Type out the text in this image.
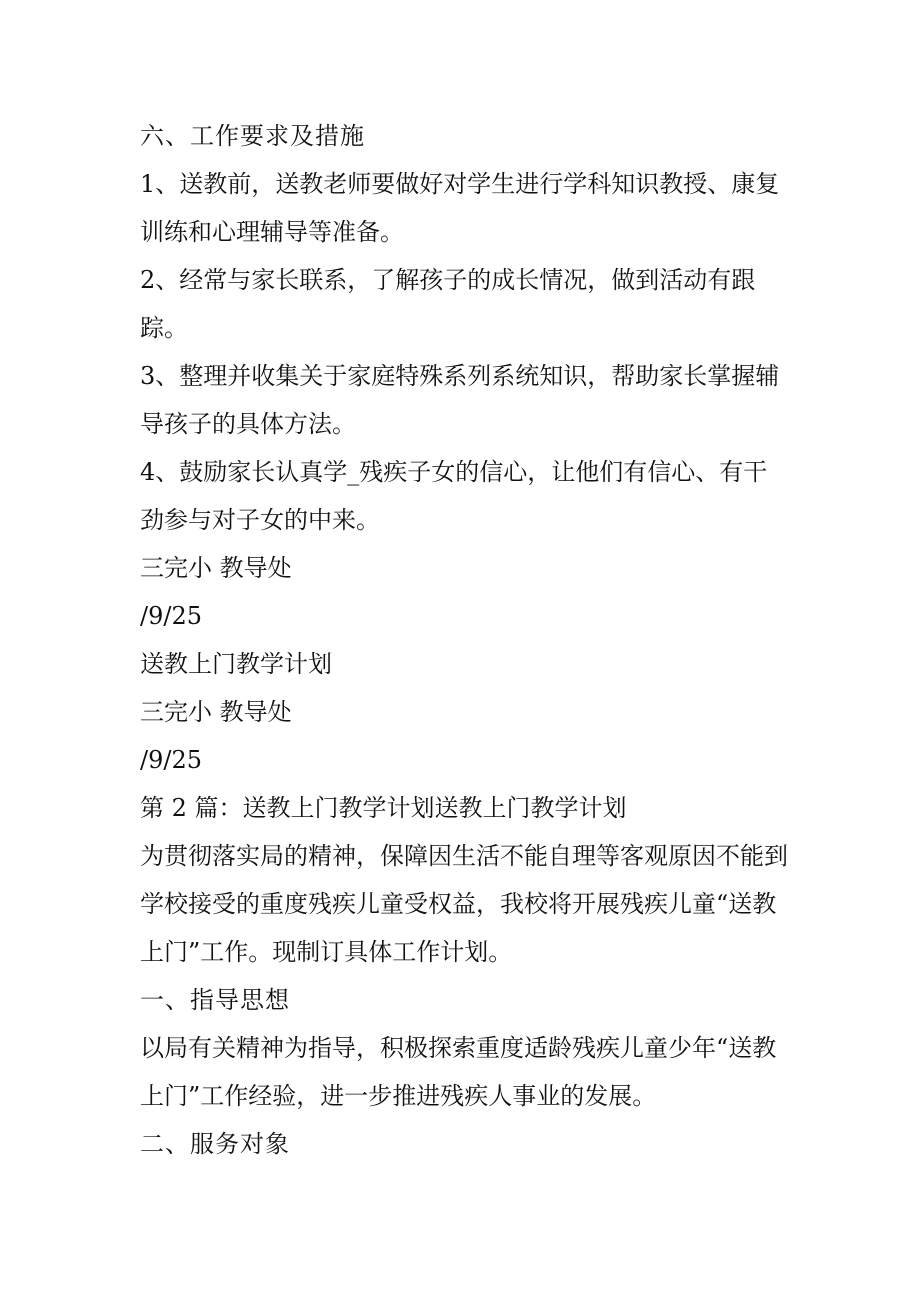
六、工作要求及措施

1、送教前，送教老师要做好对学生进行学科知识教授、康复训练和心理辅导等准备。

2、经常与家长联系，了解孩子的成长情况，做到活动有跟踪。

3、整理并收集关于家庭特殊系列系统知识，帮助家长掌握辅导孩子的具体方法。

4、鼓励家长认真学_残疾子女的信心，让他们有信心、有干劲参与对子女的中来。

三完小 教导处

/9/25

送教上门教学计划

三完小 教导处

/9/25

第 2 篇：送教上门教学计划送教上门教学计划

为贯彻落实局的精神，保障因生活不能自理等客观原因不能到学校接受的重度残疾儿童受权益，我校将开展残疾儿童“送教上门”工作。现制订具体工作计划。

一、指导思想

以局有关精神为指导，积极探索重度适龄残疾儿童少年“送教上门”工作经验，进一步推进残疾人事业的发展。

二、服务对象
